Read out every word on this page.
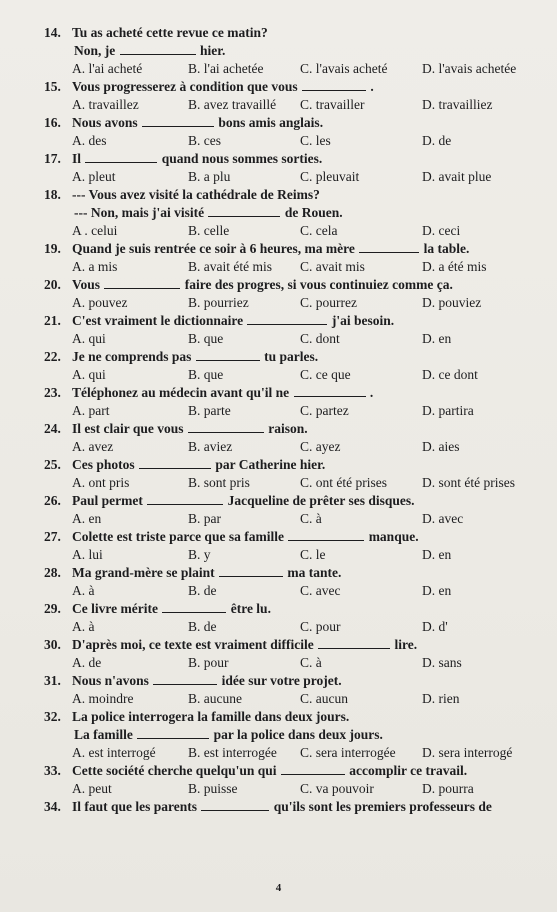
14. Tu as acheté cette revue ce matin?
Non, je	hier.
A. l'ai acheté	B. l'ai achetée	C. l'avais acheté	D. l'avais achetée
15. Vous progresserez à condition que vous	.
A. travaillez	B. avez travaillé C. travailler	D. travailliez
16. Nous avons	bons amis anglais.
A. des	B. ces	C. les	D. de
17. Il	quand nous sommes sorties.
A. pleut	B. a plu	C. pleuvait	D. avait plue
18. --- Vous avez visité la cathédrale de Reims?
--- Non, mais j'ai visité	de Rouen.
A . celui	B. celle	C. cela	D. ceci
19. Quand je suis rentrée ce soir à 6 heures, ma mère	la table.
A. a mis	B. avait été mis C. avait mis	D. a été mis
20. Vous	faire des progres, si vous continuiez comme ça.
A. pouvez	B. pourriez	C. pourrez	D. pouviez
21. C'est vraiment le dictionnaire	j'ai besoin.
A. qui	B. que	C. dont	D. en
22. Je ne comprends pas	tu parles.
A. qui	B. que	C. ce que	D. ce dont
23. Téléphonez au médecin avant qu'il ne	.
A. part	B. parte	C. partez	D. partira
24. Il est clair que vous	raison.
A. avez	B. aviez	C. ayez	D. aies
25. Ces photos	par Catherine hier.
A. ont pris	B. sont pris	C. ont été prises	D. sont été prises
26. Paul permet	Jacqueline de prêter ses disques.
A. en	B. par	C. à	D. avec
27. Colette est triste parce que sa famille	manque.
A. lui	B. y	C. le	D. en
28. Ma grand-mère se plaint	ma tante.
A. à	B. de	C. avec	D. en
29. Ce livre mérite	être lu.
A. à	B. de	C. pour	D. d'
30. D'après moi, ce texte est vraiment difficile	lire.
A. de	B. pour	C. à	D. sans
31. Nous n'avons	idée sur votre projet.
A. moindre	B. aucune	C. aucun	D. rien
32. La police interrogera la famille dans deux jours.
La famille	par la police dans deux jours.
A. est interrogé B. est interrogée C. sera interrogée D. sera interrogé
33. Cette société cherche quelqu'un qui	accomplir ce travail.
A. peut	B. puisse	C. va pouvoir	D. pourra
34. Il faut que les parents	qu'ils sont les premiers professeurs de
4
